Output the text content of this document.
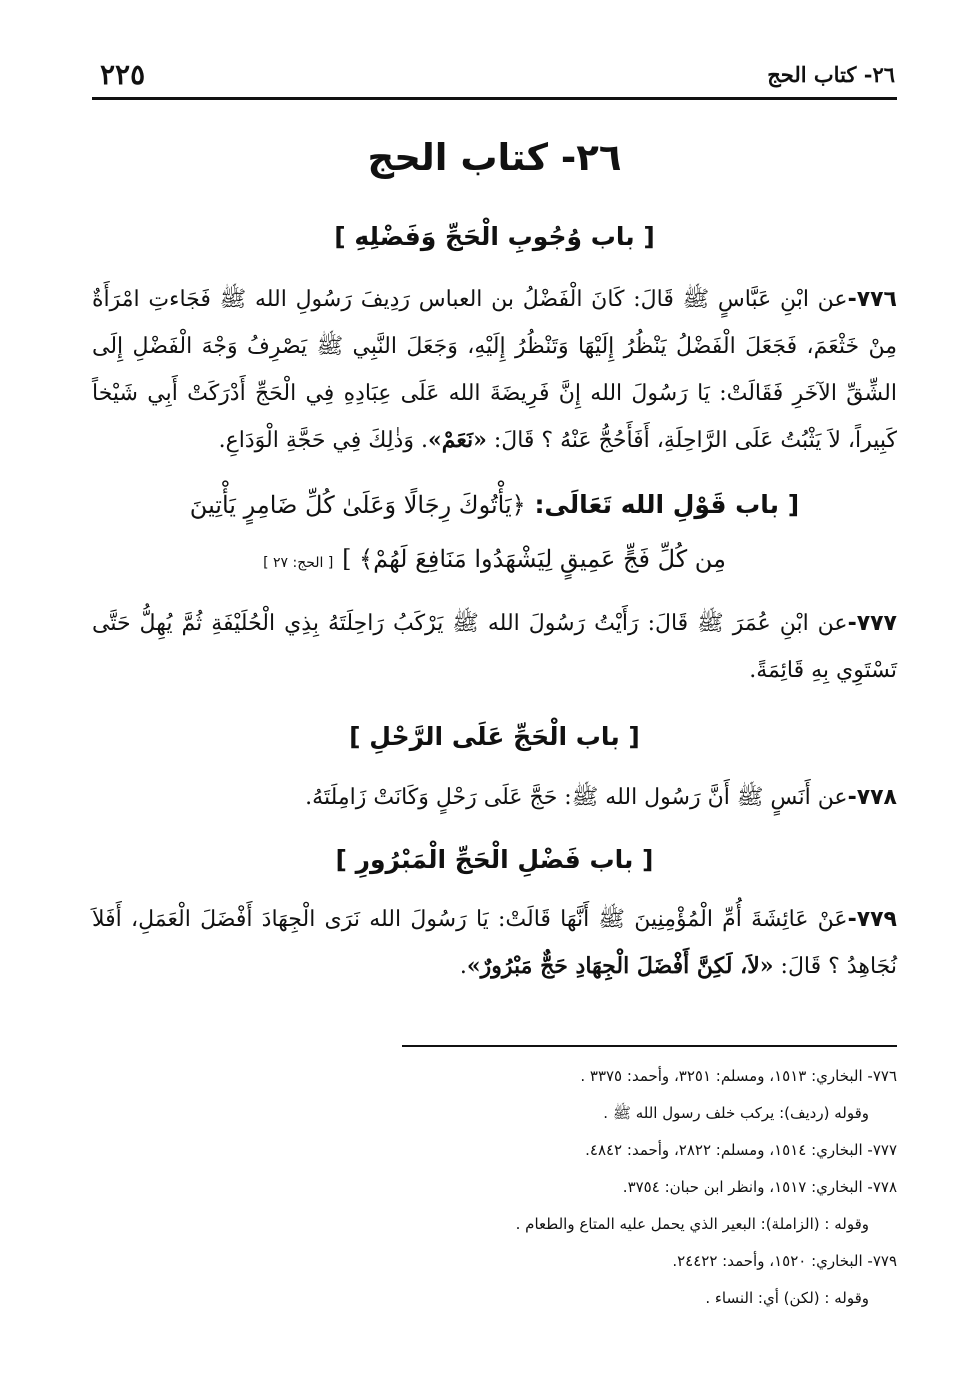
٢٦- كتاب الحج
٢٢٥
٢٦- كتاب الحج
[ باب وُجُوبِ الْحَجِّ وَفَضْلِهِ ]
٧٧٦-عن ابْنِ عَبَّاسٍ ﷺ قَالَ: كَانَ الْفَضْلُ بن العباس رَدِيفَ رَسُولِ الله ﷺ فَجَاءتِ امْرَأَةٌ مِنْ خَثْعَمَ، فَجَعَلَ الْفَضْلُ يَنْظُرُ إِلَيْهَا وَتَنْظُرُ إِلَيْهِ، وَجَعَلَ النَّبِي ﷺ يَصْرِفُ وَجْهَ الْفَضْلِ إِلَى الشِّقِّ الآخَرِ فَقَالَتْ: يَا رَسُولَ الله إِنَّ فَرِيضَةَ الله عَلَى عِبَادِهِ فِي الْحَجِّ أَدْرَكَتْ أَبِي شَيْخاً كَبِيراً، لاَ يَثْبُتُ عَلَى الرَّاحِلَةِ، أَفَأَحُجُّ عَنْهُ ؟ قَالَ: «نَعَمْ». وَذٰلِكَ فِي حَجَّةِ الْوَدَاعِ.
[ باب قَوْلِ الله تَعَالَى: ﴿يَأْتُوكَ رِجَالًا وَعَلَىٰ كُلِّ ضَامِرٍ يَأْتِينَ
مِن كُلِّ فَجٍّ عَمِيقٍ لِيَشْهَدُوا مَنَافِعَ لَهُمْ﴾ ] [ الحج: ٢٧ ]
٧٧٧-عن ابْنِ عُمَرَ ﷺ قَالَ: رَأَيْتُ رَسُولَ الله ﷺ يَرْكَبُ رَاحِلَتَهُ بِذِي الْحُلَيْفَةِ ثُمَّ يُهِلُّ حَتَّى تَسْتَوِي بِهِ قَائِمَةً.
[ باب الْحَجِّ عَلَى الرَّحْلِ ]
٧٧٨-عن أَنَسٍ ﷺ أَنَّ رَسُول الله ﷺ: حَجَّ عَلَى رَحْلٍ وَكَانَتْ زَامِلَتَهُ.
[ باب فَضْلِ الْحَجِّ الْمَبْرُورِ ]
٧٧٩-عَنْ عَائِشَةَ أُمِّ الْمُؤْمِنِينَ ﷺ أَنَّهَا قَالَتْ: يَا رَسُولَ الله نَرَى الْجِهَادَ أَفْضَلَ الْعَمَلِ، أَفَلاَ نُجَاهِدُ ؟ قَالَ: «لاَ، لَكِنَّ أَفْضَلَ الْجِهَادِ حَجٌّ مَبْرُورٌ».
٧٧٦- البخاري: ١٥١٣، ومسلم: ٣٢٥١، وأحمد: ٣٣٧٥ .
وقوله (رديف): يركب خلف رسول الله ﷺ .
٧٧٧- البخاري: ١٥١٤، ومسلم: ٢٨٢٢، وأحمد: ٤٨٤٢.
٧٧٨- البخاري: ١٥١٧، وانظر ابن حبان: ٣٧٥٤.
وقوله : (الزاملة): البعير الذي يحمل عليه المتاع والطعام .
٧٧٩- البخاري: ١٥٢٠، وأحمد: ٢٤٤٢٢.
وقوله : (لكن) أي: النساء .
